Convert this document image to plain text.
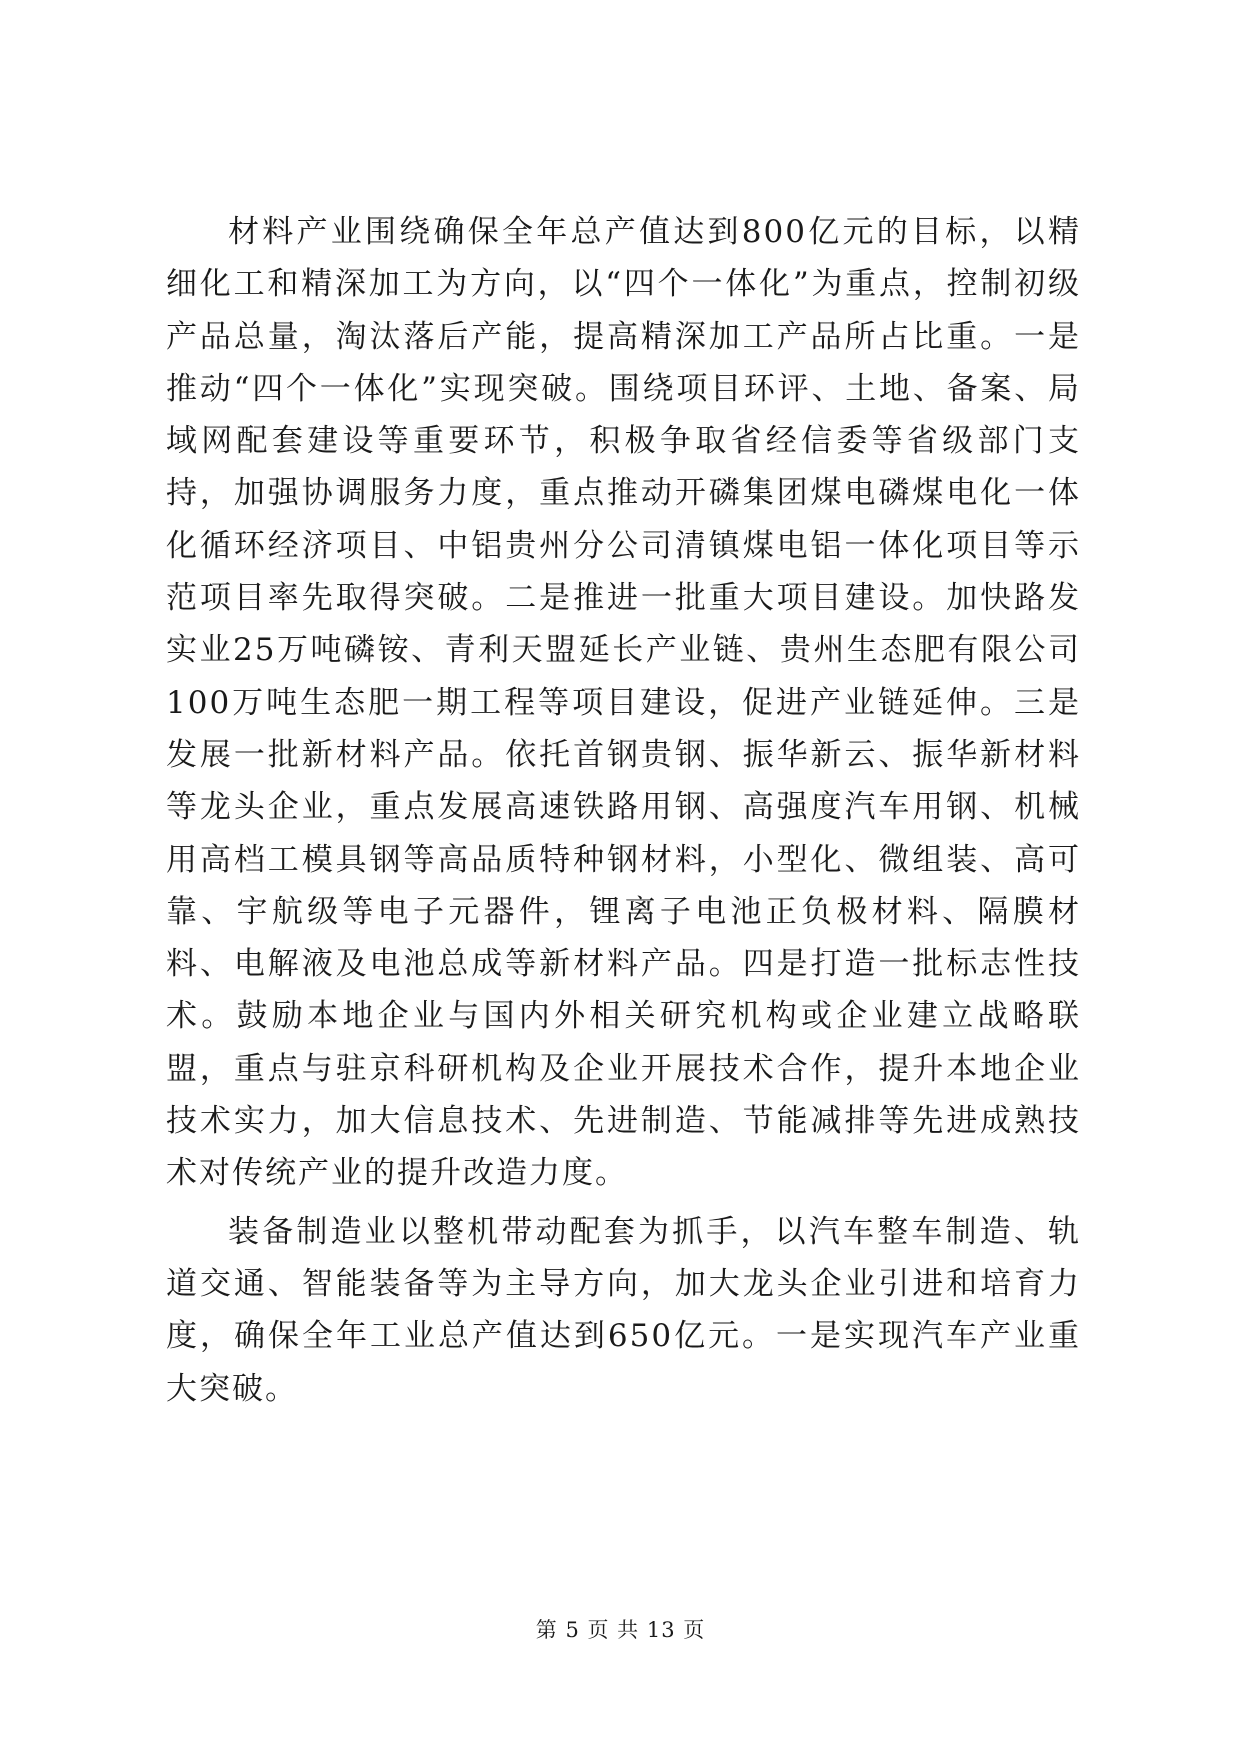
材料产业围绕确保全年总产值达到800亿元的目标，以精细化工和精深加工为方向，以“四个一体化”为重点，控制初级产品总量，淘汰落后产能，提高精深加工产品所占比重。一是推动“四个一体化”实现突破。围绕项目环评、土地、备案、局域网配套建设等重要环节，积极争取省经信委等省级部门支持，加强协调服务力度，重点推动开磷集团煤电磷煤电化一体化循环经济项目、中铝贵州分公司清镇煤电铝一体化项目等示范项目率先取得突破。二是推进一批重大项目建设。加快路发实业25万吨磷铵、青利天盟延长产业链、贵州生态肥有限公司100万吨生态肥一期工程等项目建设，促进产业链延伸。三是发展一批新材料产品。依托首钢贵钢、振华新云、振华新材料等龙头企业，重点发展高速铁路用钢、高强度汽车用钢、机械用高档工模具钢等高品质特种钢材料，小型化、微组装、高可靠、宇航级等电子元器件，锂离子电池正负极材料、隔膜材料、电解液及电池总成等新材料产品。四是打造一批标志性技术。鼓励本地企业与国内外相关研究机构或企业建立战略联盟，重点与驻京科研机构及企业开展技术合作，提升本地企业技术实力，加大信息技术、先进制造、节能减排等先进成熟技术对传统产业的提升改造力度。

装备制造业以整机带动配套为抓手，以汽车整车制造、轨道交通、智能装备等为主导方向，加大龙头企业引进和培育力度，确保全年工业总产值达到650亿元。一是实现汽车产业重大突破。

第 5 页 共 13 页
